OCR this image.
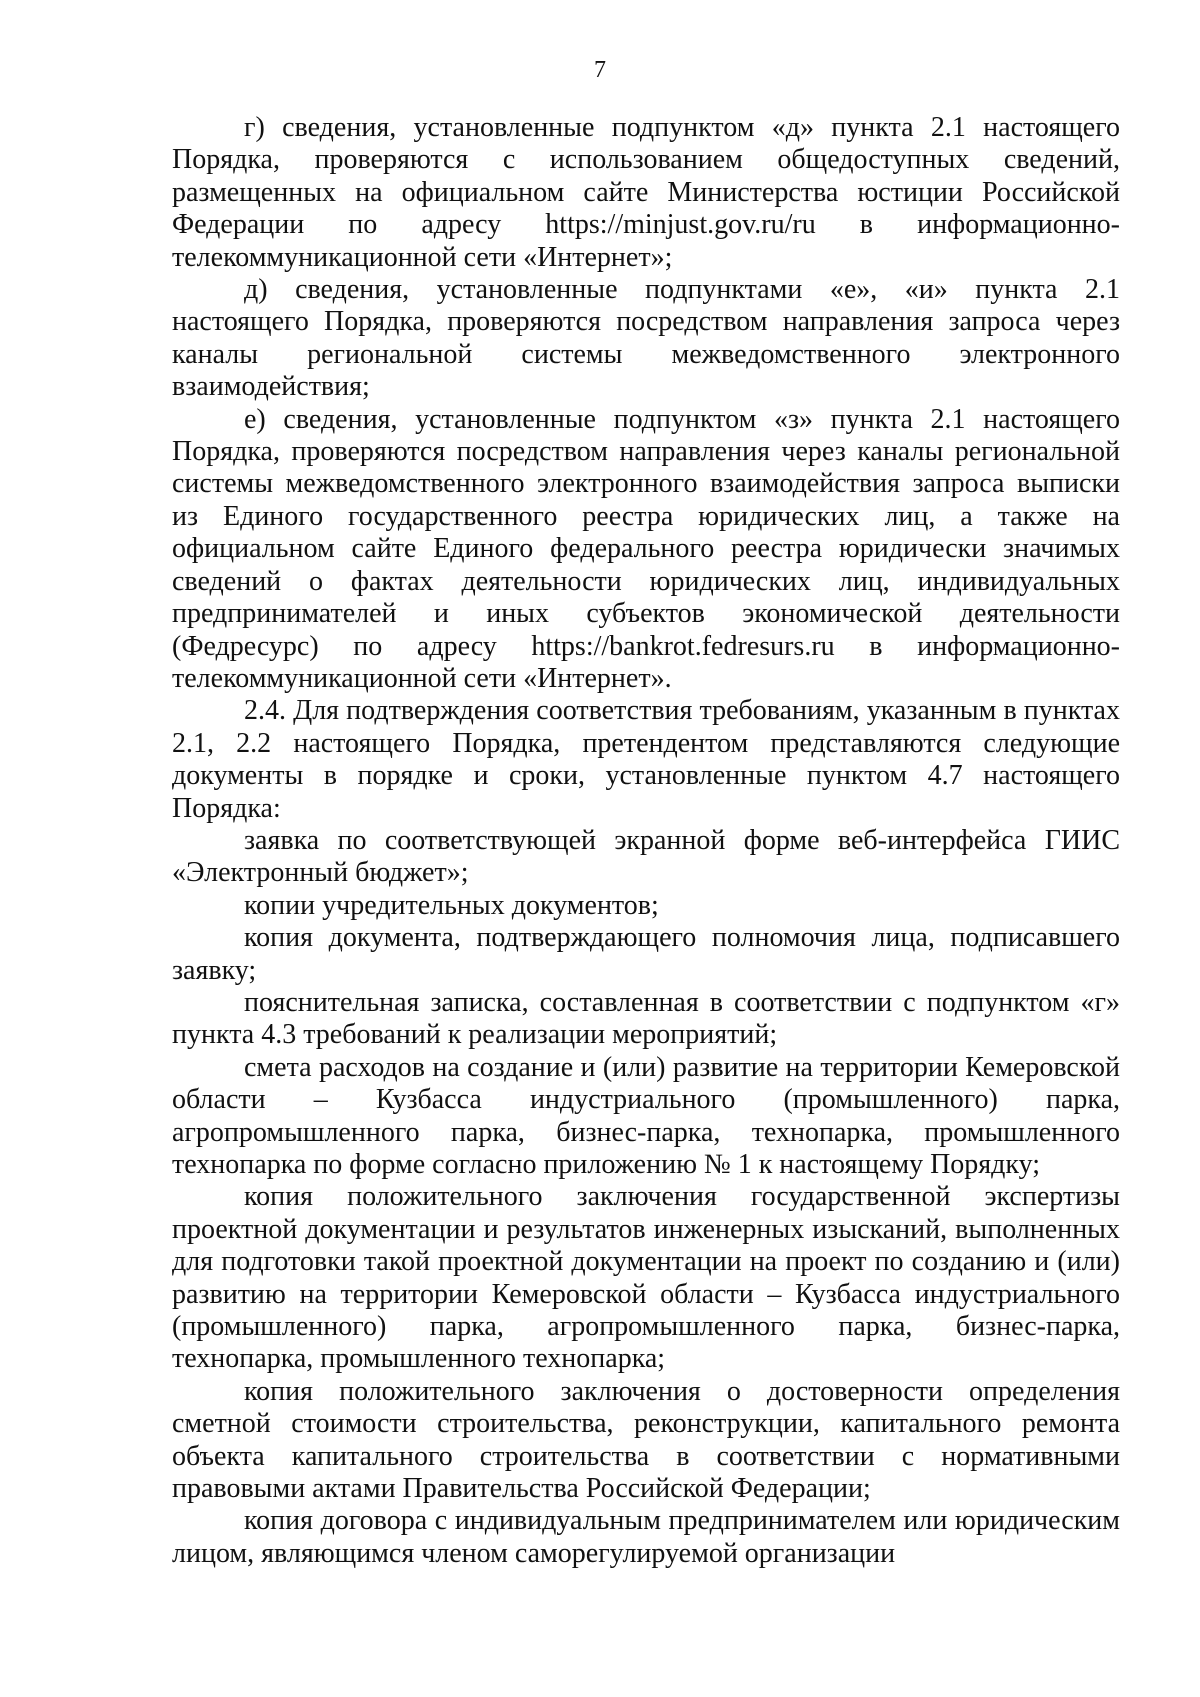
7

г) сведения, установленные подпунктом «д» пункта 2.1 настоящего Порядка, проверяются с использованием общедоступных сведений, размещенных на официальном сайте Министерства юстиции Российской Федерации по адресу https://minjust.gov.ru/ru в информационно-телекоммуникационной сети «Интернет»;

д) сведения, установленные подпунктами «е», «и» пункта 2.1 настоящего Порядка, проверяются посредством направления запроса через каналы региональной системы межведомственного электронного взаимодействия;

е) сведения, установленные подпунктом «з» пункта 2.1 настоящего Порядка, проверяются посредством направления через каналы региональной системы межведомственного электронного взаимодействия запроса выписки из Единого государственного реестра юридических лиц, а также на официальном сайте Единого федерального реестра юридически значимых сведений о фактах деятельности юридических лиц, индивидуальных предпринимателей и иных субъектов экономической деятельности (Федресурс) по адресу https://bankrot.fedresurs.ru в информационно-телекоммуникационной сети «Интернет».

2.4. Для подтверждения соответствия требованиям, указанным в пунктах 2.1, 2.2 настоящего Порядка, претендентом представляются следующие документы в порядке и сроки, установленные пунктом 4.7 настоящего Порядка:

заявка по соответствующей экранной форме веб-интерфейса ГИИС «Электронный бюджет»;

копии учредительных документов;

копия документа, подтверждающего полномочия лица, подписавшего заявку;

пояснительная записка, составленная в соответствии с подпунктом «г» пункта 4.3 требований к реализации мероприятий;

смета расходов на создание и (или) развитие на территории Кемеровской области – Кузбасса индустриального (промышленного) парка, агропромышленного парка, бизнес-парка, технопарка, промышленного технопарка по форме согласно приложению № 1 к настоящему Порядку;

копия положительного заключения государственной экспертизы проектной документации и результатов инженерных изысканий, выполненных для подготовки такой проектной документации на проект по созданию и (или) развитию на территории Кемеровской области – Кузбасса индустриального (промышленного) парка, агропромышленного парка, бизнес-парка, технопарка, промышленного технопарка;

копия положительного заключения о достоверности определения сметной стоимости строительства, реконструкции, капитального ремонта объекта капитального строительства в соответствии с нормативными правовыми актами Правительства Российской Федерации;

копия договора с индивидуальным предпринимателем или юридическим лицом, являющимся членом саморегулируемой организации
